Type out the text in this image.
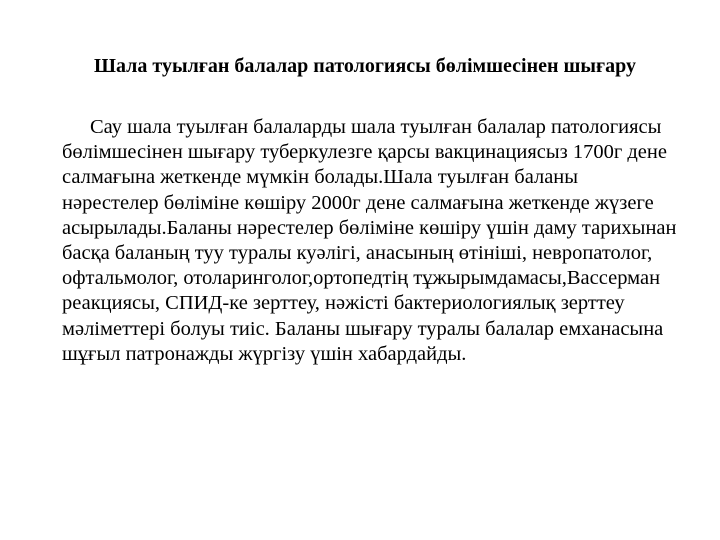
Шала туылған балалар патологиясы бөлімшесінен шығару

Сау шала туылған балаларды шала туылған балалар патологиясы бөлімшесінен шығару туберкулезге қарсы вакцинациясыз 1700г дене салмағына жеткенде мүмкін болады.Шала туылған баланы нәрестелер бөліміне көшіру 2000г дене салмағына жеткенде жүзеге асырылады.Баланы нәрестелер бөліміне көшіру үшін даму тарихынан басқа баланың туу туралы куәлігі, анасының өтініші, невропатолог, офтальмолог, отоларинголог,ортопедтің тұжырымдамасы,Вассерман реакциясы, СПИД-ке зерттеу, нәжісті бактериологиялық зерттеу мәліметтері болуы тиіс. Баланы шығару туралы балалар емханасына шұғыл патронажды жүргізу үшін хабардайды.
